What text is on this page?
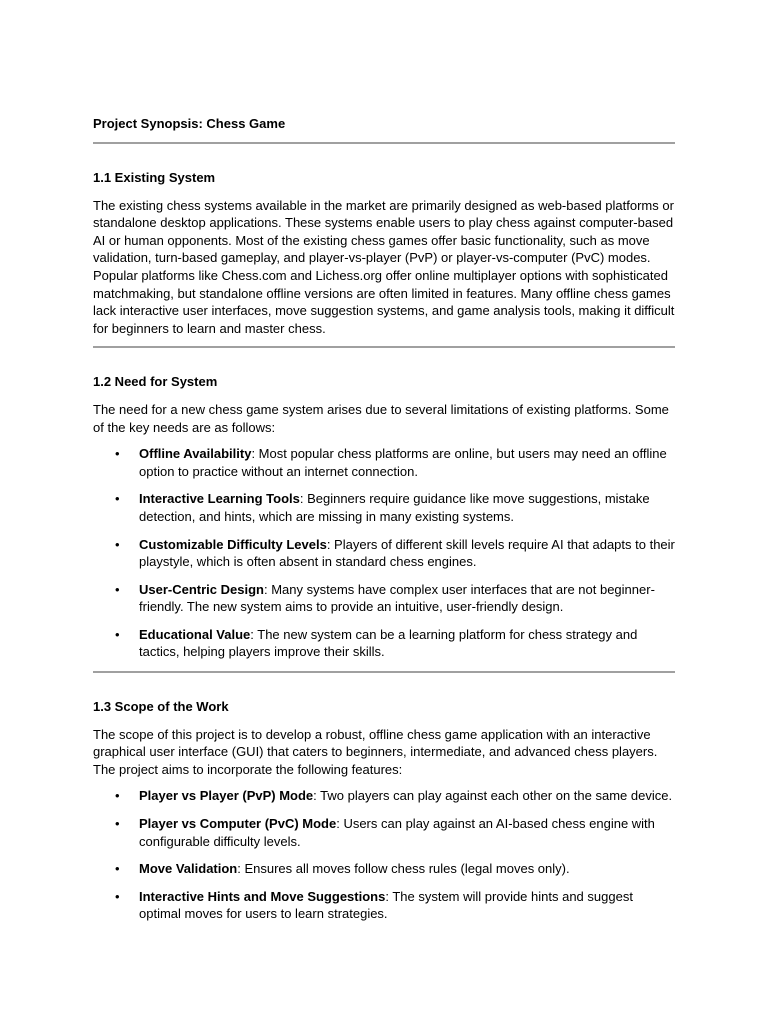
Project Synopsis: Chess Game

1.1 Existing System

The existing chess systems available in the market are primarily designed as web-based platforms or standalone desktop applications. These systems enable users to play chess against computer-based AI or human opponents. Most of the existing chess games offer basic functionality, such as move validation, turn-based gameplay, and player-vs-player (PvP) or player-vs-computer (PvC) modes. Popular platforms like Chess.com and Lichess.org offer online multiplayer options with sophisticated matchmaking, but standalone offline versions are often limited in features. Many offline chess games lack interactive user interfaces, move suggestion systems, and game analysis tools, making it difficult for beginners to learn and master chess.

1.2 Need for System

The need for a new chess game system arises due to several limitations of existing platforms. Some of the key needs are as follows:

• Offline Availability: Most popular chess platforms are online, but users may need an offline option to practice without an internet connection.
• Interactive Learning Tools: Beginners require guidance like move suggestions, mistake detection, and hints, which are missing in many existing systems.
• Customizable Difficulty Levels: Players of different skill levels require AI that adapts to their playstyle, which is often absent in standard chess engines.
• User-Centric Design: Many systems have complex user interfaces that are not beginner-friendly. The new system aims to provide an intuitive, user-friendly design.
• Educational Value: The new system can be a learning platform for chess strategy and tactics, helping players improve their skills.

1.3 Scope of the Work

The scope of this project is to develop a robust, offline chess game application with an interactive graphical user interface (GUI) that caters to beginners, intermediate, and advanced chess players. The project aims to incorporate the following features:

• Player vs Player (PvP) Mode: Two players can play against each other on the same device.
• Player vs Computer (PvC) Mode: Users can play against an AI-based chess engine with configurable difficulty levels.
• Move Validation: Ensures all moves follow chess rules (legal moves only).
• Interactive Hints and Move Suggestions: The system will provide hints and suggest optimal moves for users to learn strategies.
